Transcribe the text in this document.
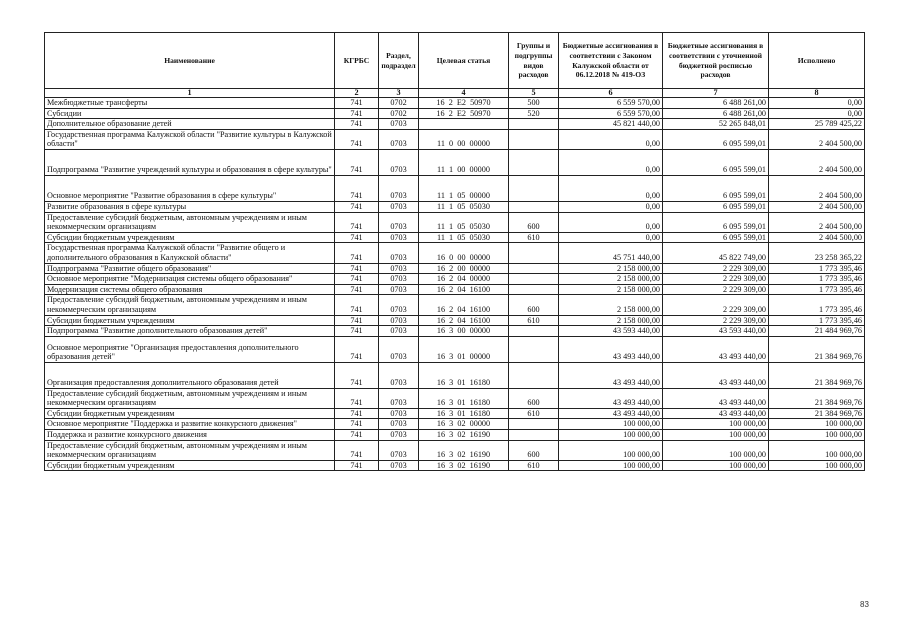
Наименование	КГРБС	Раздел, подраздел	Целевая статья	Группы и подгруппы видов расходов	Бюджетные ассигнования в соответствии с Законом Калужской области от 06.12.2018 № 419-ОЗ	Бюджетные ассигнования в соответствии с уточненной бюджетной росписью расходов	Исполнено
1	2	3	4	5	6	7	8
Межбюджетные трансферты	741	0702	16  2  Е2  50970	500	6 559 570,00	6 488 261,00	0,00
Субсидии	741	0702	16  2  Е2  50970	520	6 559 570,00	6 488 261,00	0,00
Дополнительное образование детей	741	0703			45 821 440,00	52 265 848,01	25 789 425,22
Государственная программа Калужской области "Развитие культуры в Калужской области"	741	0703	11  0  00  00000		0,00	6 095 599,01	2 404 500,00
Подпрограмма "Развитие учреждений культуры и образования в сфере культуры"	741	0703	11  1  00  00000		0,00	6 095 599,01	2 404 500,00
Основное мероприятие "Развитие образования в сфере культуры"	741	0703	11  1  05  00000		0,00	6 095 599,01	2 404 500,00
Развитие образования в сфере культуры	741	0703	11  1  05  05030		0,00	6 095 599,01	2 404 500,00
Предоставление субсидий бюджетным, автономным учреждениям и иным некоммерческим организациям	741	0703	11  1  05  05030	600	0,00	6 095 599,01	2 404 500,00
Субсидии бюджетным учреждениям	741	0703	11  1  05  05030	610	0,00	6 095 599,01	2 404 500,00
Государственная программа Калужской области "Развитие общего и дополнительного образования в Калужской области"	741	0703	16  0  00  00000		45 751 440,00	45 822 749,00	23 258 365,22
Подпрограмма "Развитие общего образования"	741	0703	16  2  00  00000		2 158 000,00	2 229 309,00	1 773 395,46
Основное мероприятие "Модернизация системы общего образования"	741	0703	16  2  04  00000		2 158 000,00	2 229 309,00	1 773 395,46
Модернизация системы общего образования	741	0703	16  2  04  16100		2 158 000,00	2 229 309,00	1 773 395,46
Предоставление субсидий бюджетным, автономным учреждениям и иным некоммерческим организациям	741	0703	16  2  04  16100	600	2 158 000,00	2 229 309,00	1 773 395,46
Субсидии бюджетным учреждениям	741	0703	16  2  04  16100	610	2 158 000,00	2 229 309,00	1 773 395,46
Подпрограмма "Развитие дополнительного образования детей"	741	0703	16  3  00  00000		43 593 440,00	43 593 440,00	21 484 969,76
Основное мероприятие "Организация предоставления дополнительного образования детей"	741	0703	16  3  01  00000		43 493 440,00	43 493 440,00	21 384 969,76
Организация предоставления дополнительного образования детей	741	0703	16  3  01  16180		43 493 440,00	43 493 440,00	21 384 969,76
Предоставление субсидий бюджетным, автономным учреждениям и иным некоммерческим организациям	741	0703	16  3  01  16180	600	43 493 440,00	43 493 440,00	21 384 969,76
Субсидии бюджетным учреждениям	741	0703	16  3  01  16180	610	43 493 440,00	43 493 440,00	21 384 969,76
Основное мероприятие "Поддержка и развитие конкурсного движения"	741	0703	16  3  02  00000		100 000,00	100 000,00	100 000,00
Поддержка и развитие конкурсного движения	741	0703	16  3  02  16190		100 000,00	100 000,00	100 000,00
Предоставление субсидий бюджетным, автономным учреждениям и иным некоммерческим организациям	741	0703	16  3  02  16190	600	100 000,00	100 000,00	100 000,00
Субсидии бюджетным учреждениям	741	0703	16  3  02  16190	610	100 000,00	100 000,00	100 000,00
83
